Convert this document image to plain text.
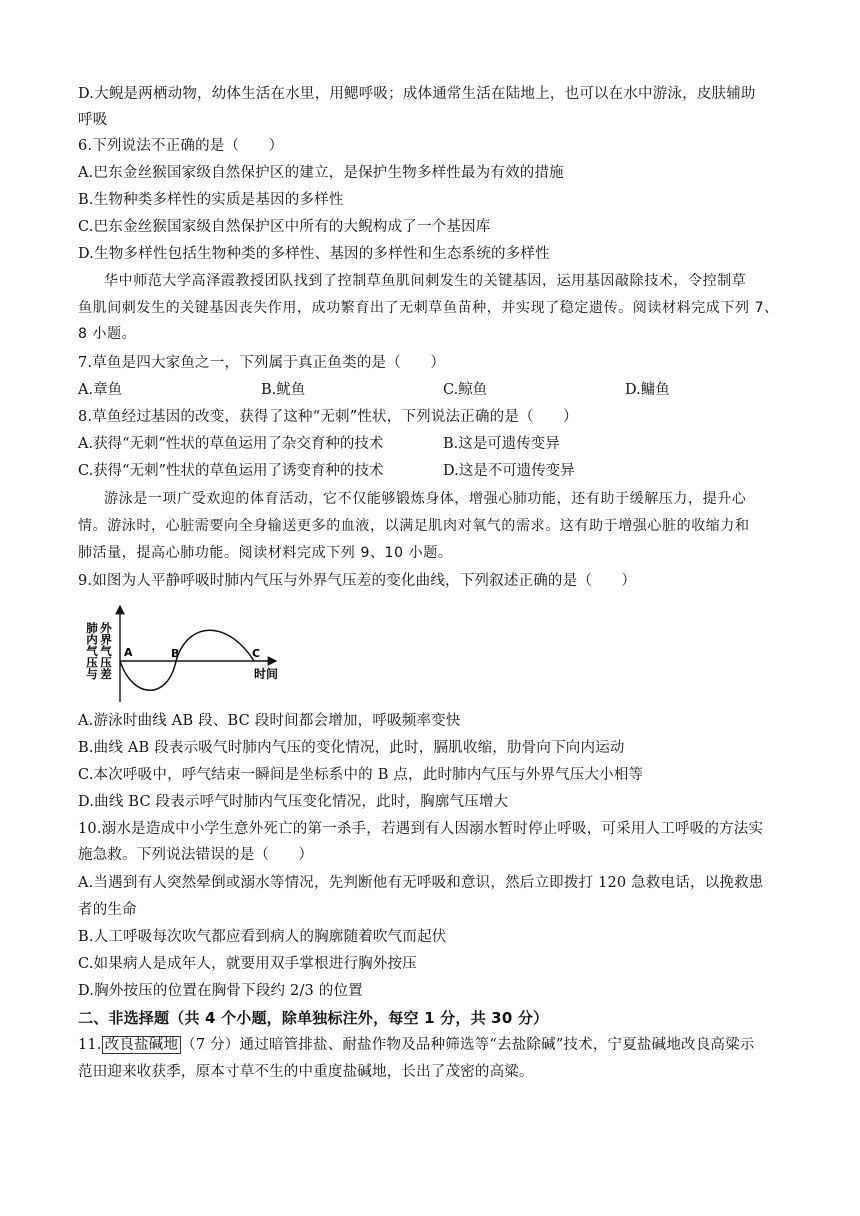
D.大鲵是两栖动物，幼体生活在水里，用鳃呼吸；成体通常生活在陆地上，也可以在水中游泳，皮肤辅助
呼吸
6.下列说法不正确的是（　　）
A.巴东金丝猴国家级自然保护区的建立，是保护生物多样性最为有效的措施
B.生物种类多样性的实质是基因的多样性
C.巴东金丝猴国家级自然保护区中所有的大鲵构成了一个基因库
D.生物多样性包括生物种类的多样性、基因的多样性和生态系统的多样性
华中师范大学高泽霞教授团队找到了控制草鱼肌间刺发生的关键基因，运用基因敲除技术，令控制草
鱼肌间刺发生的关键基因丧失作用，成功繁育出了无刺草鱼苗种，并实现了稳定遗传。阅读材料完成下列 7、
8 小题。
7.草鱼是四大家鱼之一，下列属于真正鱼类的是（　　）
A.章鱼	B.鱿鱼	C.鲸鱼	D.鳙鱼
8.草鱼经过基因的改变，获得了这种“无刺”性状，下列说法正确的是（　　）
A.获得“无刺”性状的草鱼运用了杂交育种的技术	B.这是可遗传变异
C.获得“无刺”性状的草鱼运用了诱变育种的技术	D.这是不可遗传变异
游泳是一项广受欢迎的体育活动，它不仅能够锻炼身体，增强心肺功能，还有助于缓解压力，提升心
情。游泳时，心脏需要向全身输送更多的血液，以满足肌肉对氧气的需求。这有助于增强心脏的收缩力和
肺活量，提高心肺功能。阅读材料完成下列 9、10 小题。
9.如图为人平静呼吸时肺内气压与外界气压差的变化曲线，下列叙述正确的是（　　）
肺内气压与 外界气压差	时间
A	B	C
A.游泳时曲线 AB 段、BC 段时间都会增加，呼吸频率变快
B.曲线 AB 段表示吸气时肺内气压的变化情况，此时，膈肌收缩，肋骨向下向内运动
C.本次呼吸中，呼气结束一瞬间是坐标系中的 B 点，此时肺内气压与外界气压大小相等
D.曲线 BC 段表示呼气时肺内气压变化情况，此时，胸廓气压增大
10.溺水是造成中小学生意外死亡的第一杀手，若遇到有人因溺水暂时停止呼吸，可采用人工呼吸的方法实
施急救。下列说法错误的是（　　）
A.当遇到有人突然晕倒或溺水等情况，先判断他有无呼吸和意识，然后立即拨打 120 急救电话，以挽救患
者的生命
B.人工呼吸每次吹气都应看到病人的胸廓随着吹气而起伏
C.如果病人是成年人，就要用双手掌根进行胸外按压
D.胸外按压的位置在胸骨下段约 2/3 的位置
二、非选择题（共 4 个小题，除单独标注外，每空 1 分，共 30 分）
11. 改良盐碱地 （7 分）通过暗管排盐、耐盐作物及品种筛选等“去盐除碱”技术，宁夏盐碱地改良高粱示
范田迎来收获季，原本寸草不生的中重度盐碱地，长出了茂密的高粱。
